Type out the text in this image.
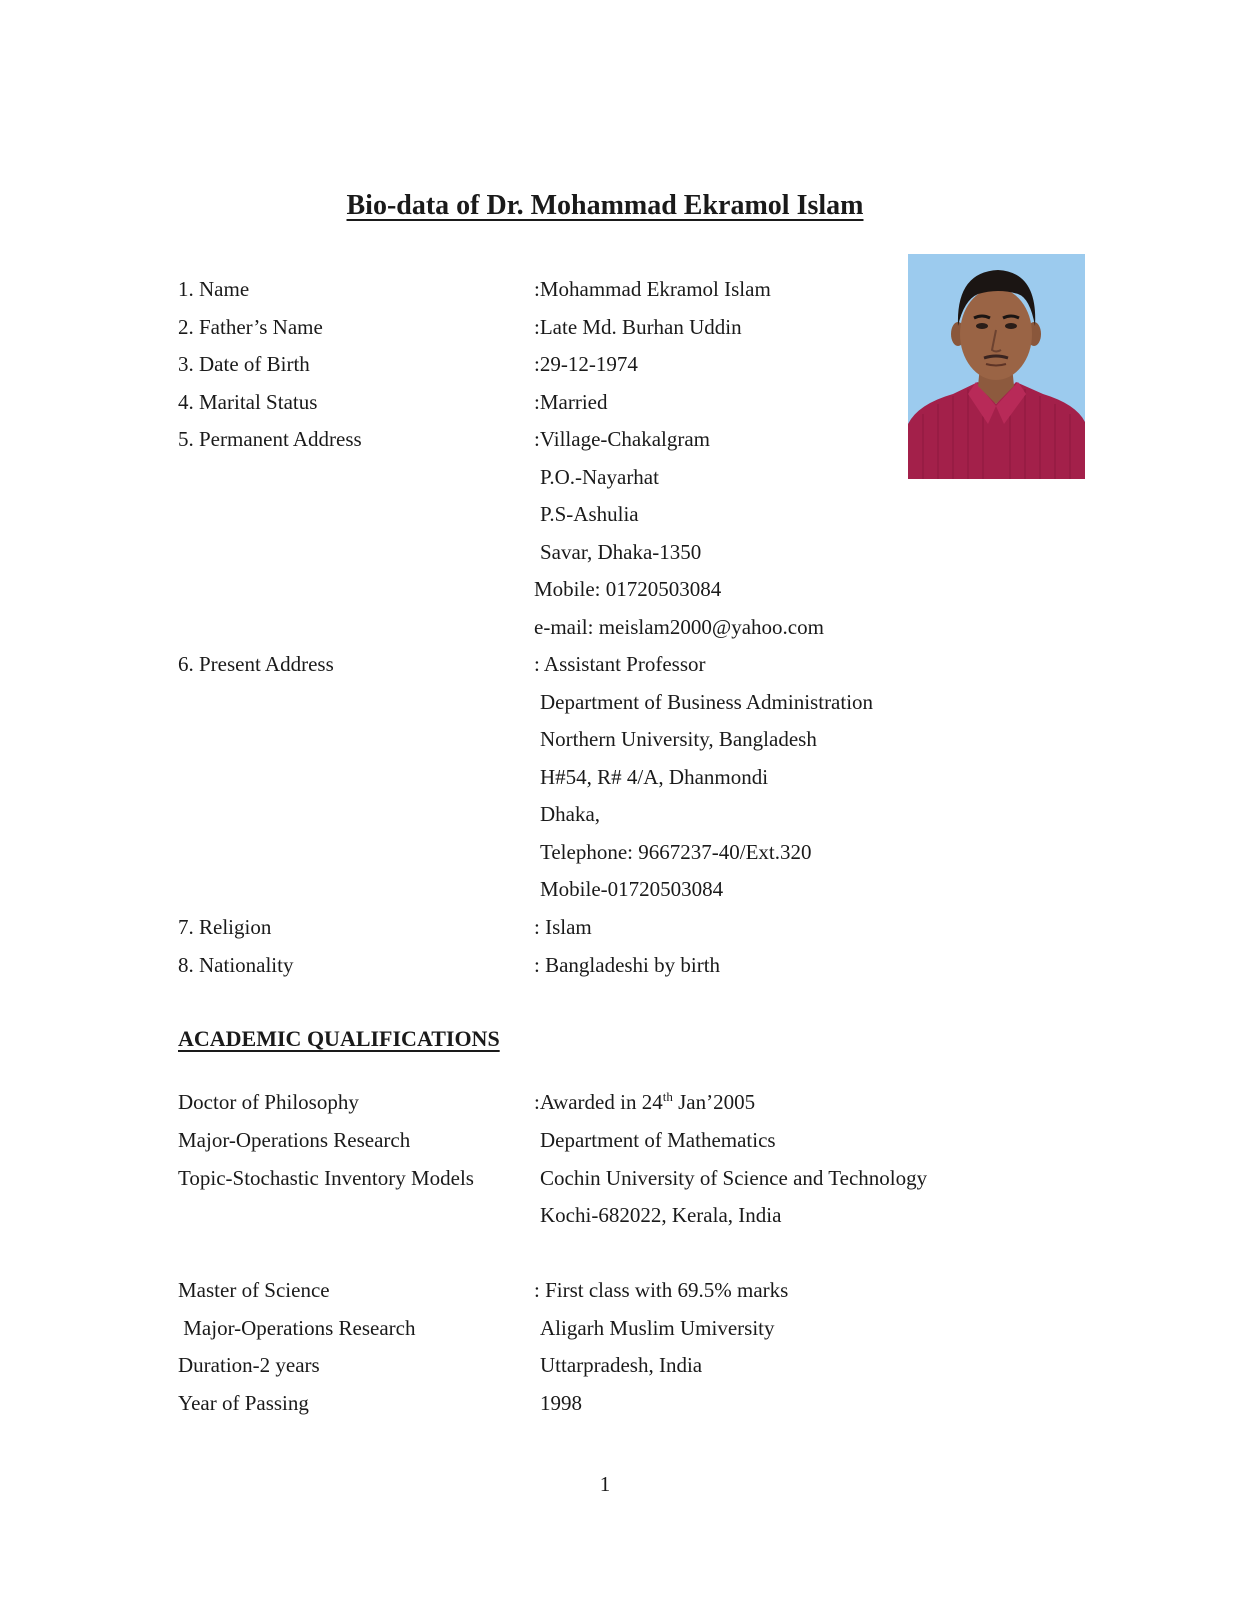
Bio-data of Dr. Mohammad Ekramol Islam
1. Name	:Mohammad Ekramol Islam
2. Father’s Name	:Late Md. Burhan Uddin
3. Date of Birth	:29-12-1974
4. Marital Status	:Married
5. Permanent Address	:Village-Chakalgram
P.O.-Nayarhat
P.S-Ashulia
Savar, Dhaka-1350
Mobile: 01720503084
e-mail: meislam2000@yahoo.com
6. Present Address	: Assistant Professor
Department of Business Administration
Northern University, Bangladesh
H#54, R# 4/A, Dhanmondi
Dhaka,
Telephone: 9667237-40/Ext.320
Mobile-01720503084
7. Religion	: Islam
8. Nationality	: Bangladeshi by birth
ACADEMIC QUALIFICATIONS
Doctor of Philosophy	:Awarded in 24th Jan’2005
Major-Operations Research	Department of Mathematics
Topic-Stochastic Inventory Models	Cochin University of Science and Technology
Kochi-682022, Kerala, India
Master of Science	: First class with 69.5% marks
Major-Operations Research	Aligarh Muslim Umiversity
Duration-2 years	Uttarpradesh, India
Year of Passing	1998
1
